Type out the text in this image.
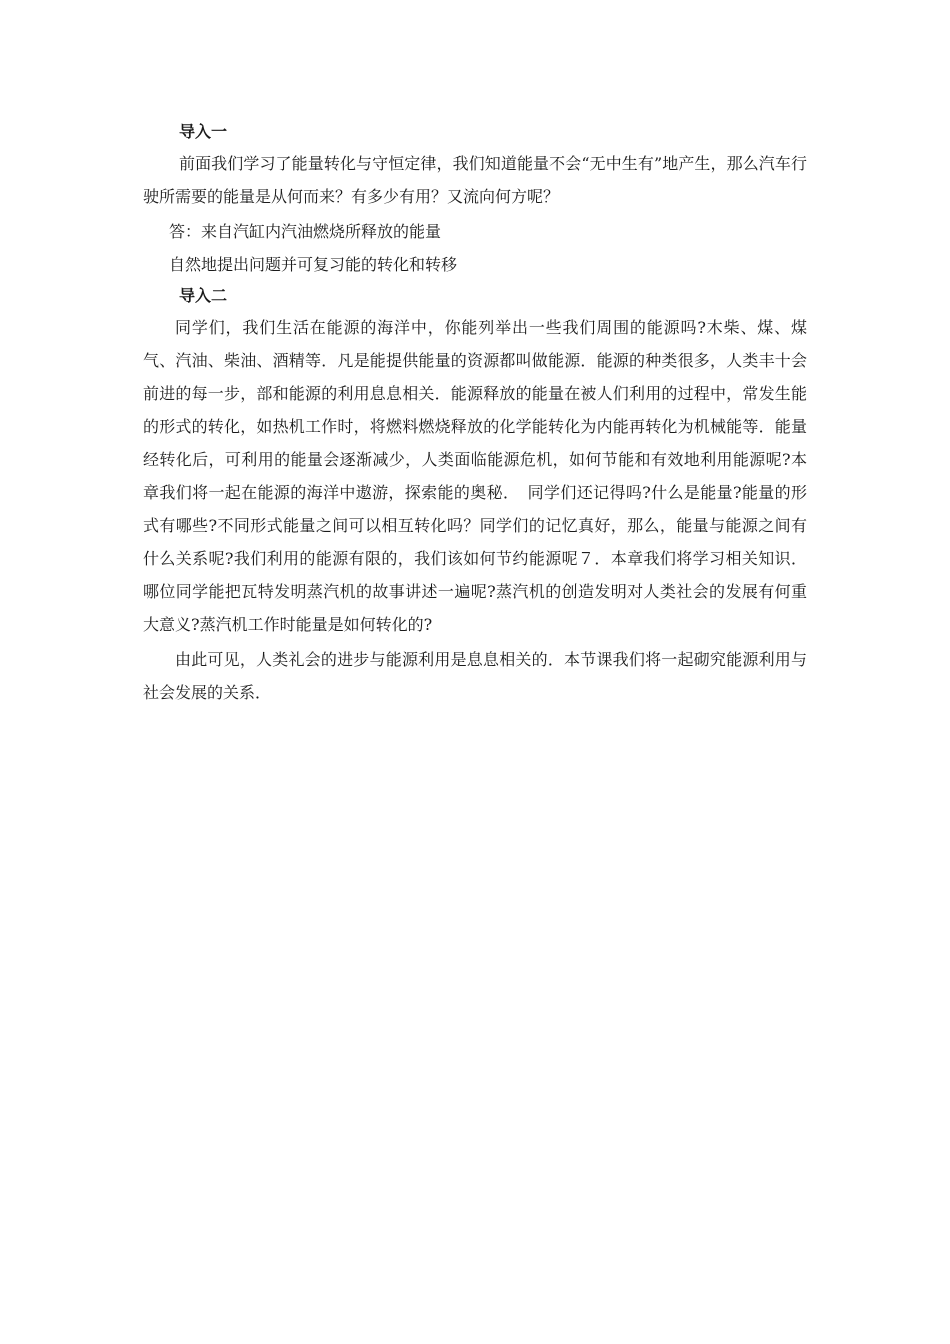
导入一

前面我们学习了能量转化与守恒定律，我们知道能量不会“无中生有”地产生，那么汽车行驶所需要的能量是从何而来？有多少有用？又流向何方呢？

答：来自汽缸内汽油燃烧所释放的能量

自然地提出问题并可复习能的转化和转移

导入二

同学们，我们生活在能源的海洋中，你能列举出一些我们周围的能源吗?木柴、煤、煤气、汽油、柴油、酒精等．凡是能提供能量的资源都叫做能源．能源的种类很多，人类丰十会前进的每一步，部和能源的利用息息相关．能源释放的能量在被人们利用的过程中，常发生能的形式的转化，如热机工作时，将燃料燃烧释放的化学能转化为内能再转化为机械能等．能量经转化后，可利用的能量会逐渐减少，人类面临能源危机，如何节能和有效地利用能源呢?本章我们将一起在能源的海洋中遨游，探索能的奥秘．　同学们还记得吗?什么是能量?能量的形式有哪些?不同形式能量之间可以相互转化吗？同学们的记忆真好，那么，能量与能源之间有什么关系呢?我们利用的能源有限的，我们该如何节约能源呢７．本章我们将学习相关知识．哪位同学能把瓦特发明蒸汽机的故事讲述一遍呢?蒸汽机的创造发明对人类社会的发展有何重大意义?蒸汽机工作时能量是如何转化的?

由此可见，人类礼会的进步与能源利用是息息相关的．本节课我们将一起砌究能源利用与社会发展的关系．
